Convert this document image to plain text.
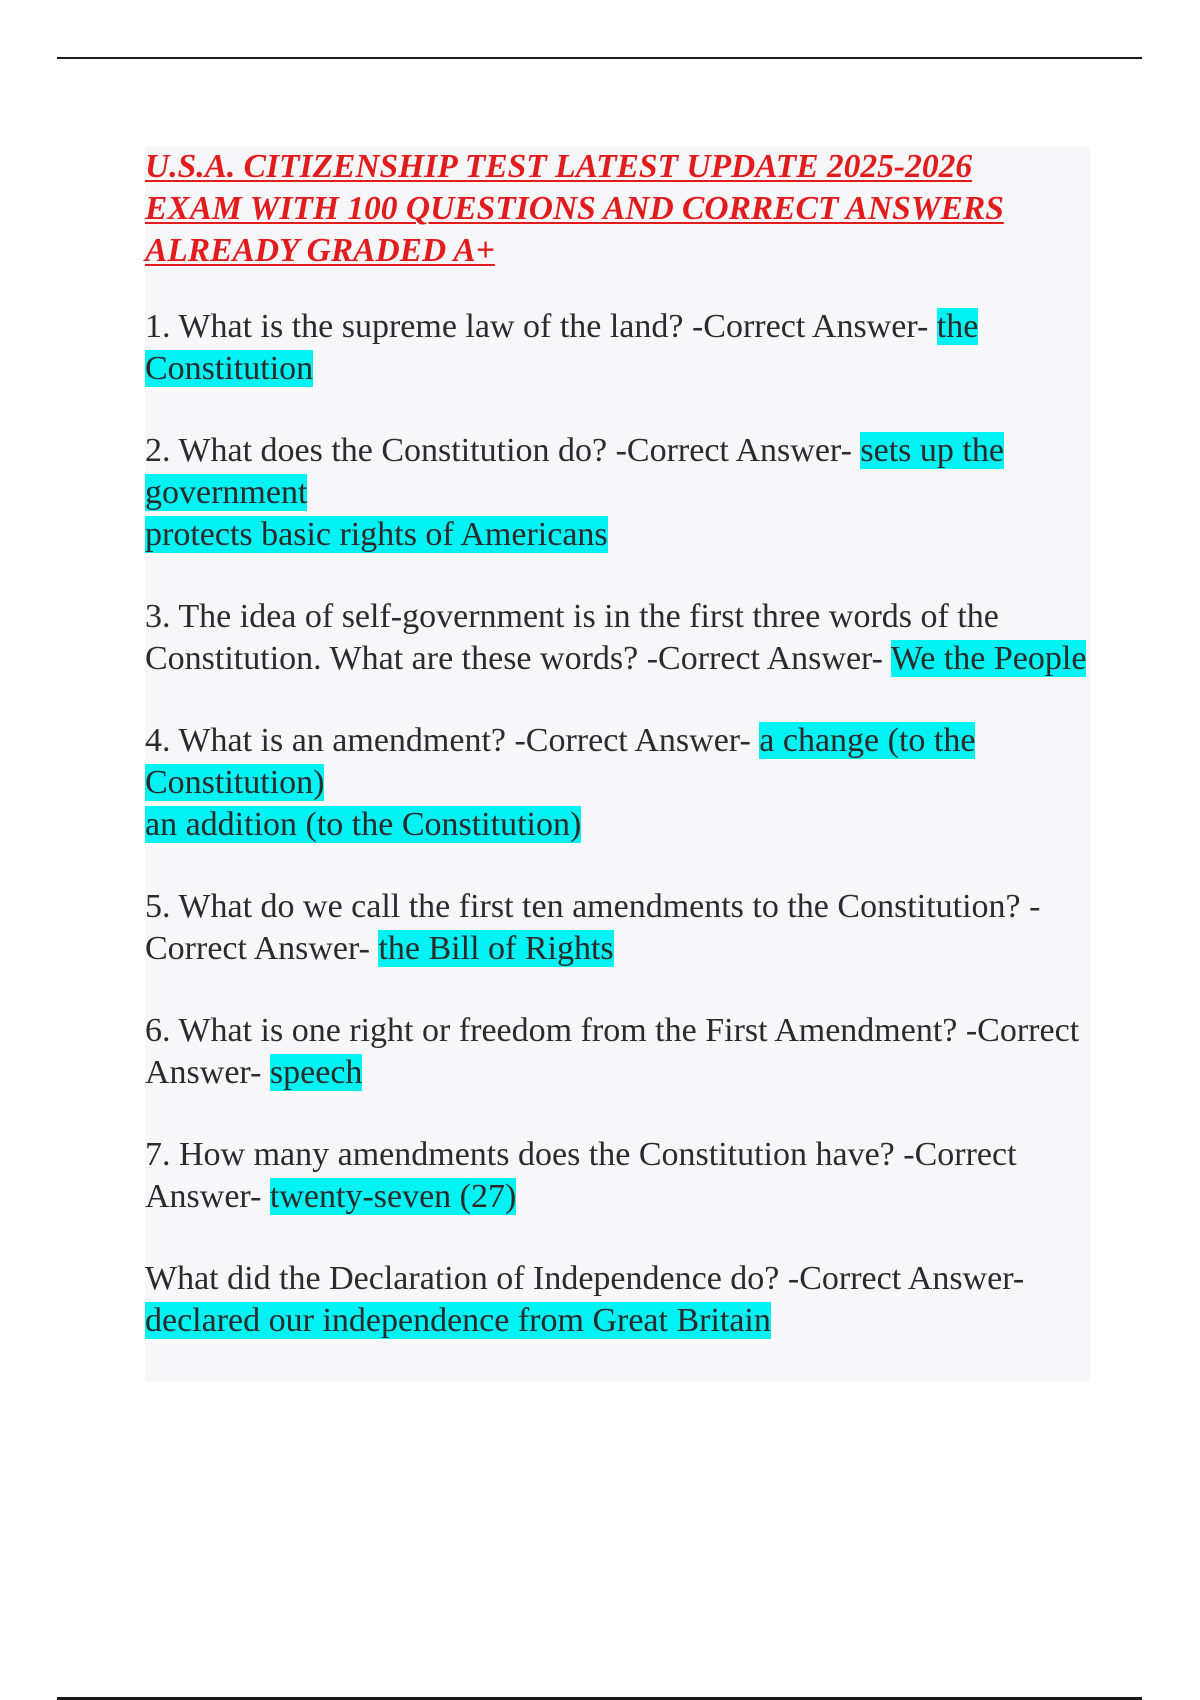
U.S.A. CITIZENSHIP TEST LATEST UPDATE 2025-2026
EXAM WITH 100 QUESTIONS AND CORRECT ANSWERS
ALREADY GRADED A+

1. What is the supreme law of the land? -Correct Answer- the Constitution

2. What does the Constitution do? -Correct Answer- sets up the government
protects basic rights of Americans

3. The idea of self-government is in the first three words of the Constitution. What are these words? -Correct Answer- We the People

4. What is an amendment? -Correct Answer- a change (to the Constitution)
an addition (to the Constitution)

5. What do we call the first ten amendments to the Constitution? -Correct Answer- the Bill of Rights

6. What is one right or freedom from the First Amendment? -Correct Answer- speech

7. How many amendments does the Constitution have? -Correct Answer- twenty-seven (27)

What did the Declaration of Independence do? -Correct Answer- declared our independence from Great Britain
